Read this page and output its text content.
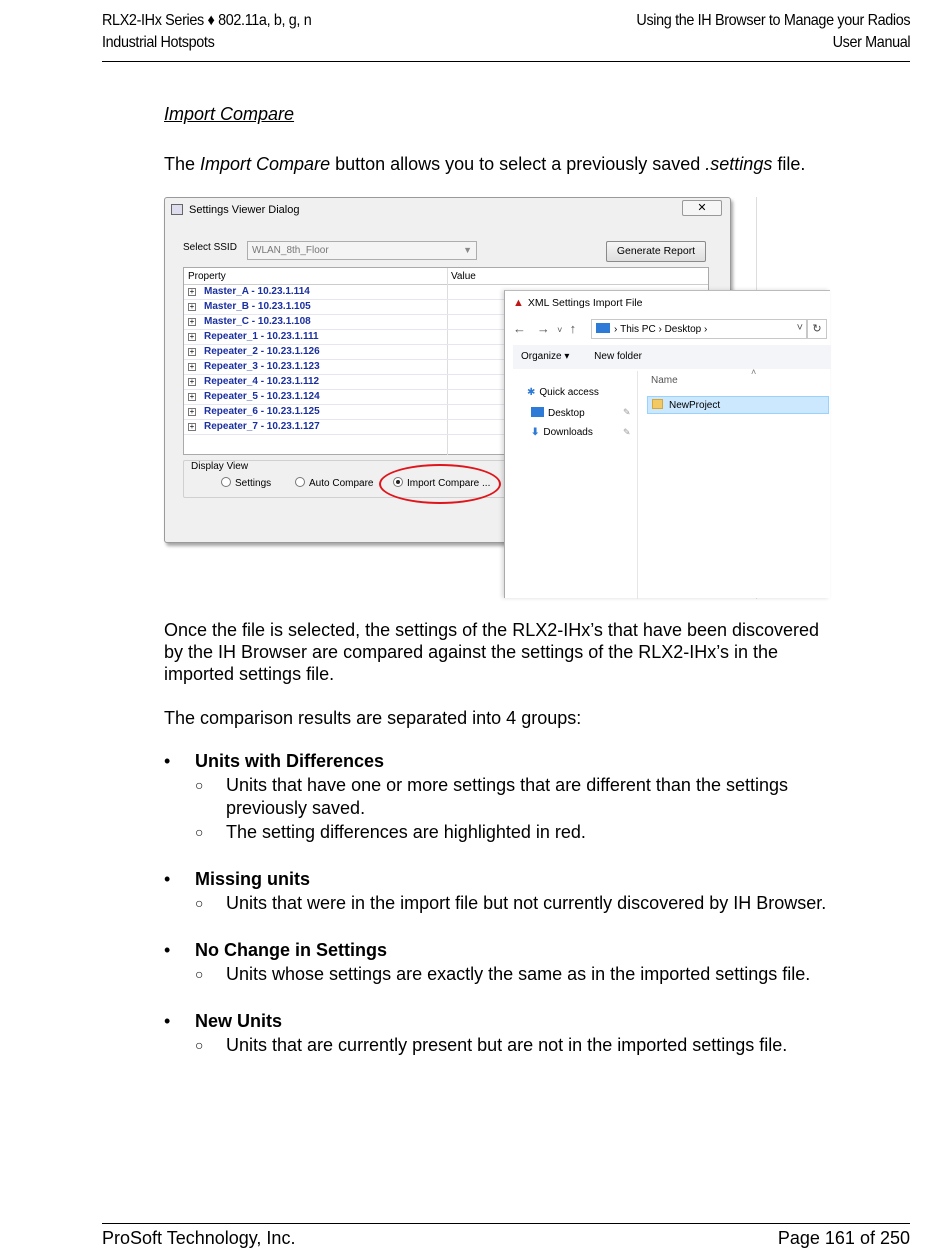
RLX2-IHx Series ♦ 802.11a, b, g, n
Industrial Hotspots
Using the IH Browser to Manage your Radios
User Manual
Import Compare
The Import Compare button allows you to select a previously saved .settings file.
Settings Viewer Dialog	✕
Select SSID	WLAN_8th_Floor	▼	Generate Report
Property	Value
+ Master_A - 10.23.1.114
+ Master_B - 10.23.1.105
+ Master_C - 10.23.1.108
+ Repeater_1 - 10.23.1.111
+ Repeater_2 - 10.23.1.126
+ Repeater_3 - 10.23.1.123
+ Repeater_4 - 10.23.1.112
+ Repeater_5 - 10.23.1.124
+ Repeater_6 - 10.23.1.125
+ Repeater_7 - 10.23.1.127
Display View
Settings	Auto Compare	Import Compare ...
▲ XML Settings Import File
← → ˅ ↑	› This PC › Desktop ›	˅ ↻
Organize ▾ New folder
✱ Quick access
Desktop	✎
⬇ Downloads	✎
˄
Name
NewProject
Once the file is selected, the settings of the RLX2-IHx’s that have been discovered by the IH Browser are compared against the settings of the RLX2-IHx’s in the imported settings file.
The comparison results are separated into 4 groups:
• Units with Differences
○ Units that have one or more settings that are different than the settings previously saved.
○ The setting differences are highlighted in red.
• Missing units
○ Units that were in the import file but not currently discovered by IH Browser.
• No Change in Settings
○ Units whose settings are exactly the same as in the imported settings file.
• New Units
○ Units that are currently present but are not in the imported settings file.
ProSoft Technology, Inc.	Page 161 of 250
